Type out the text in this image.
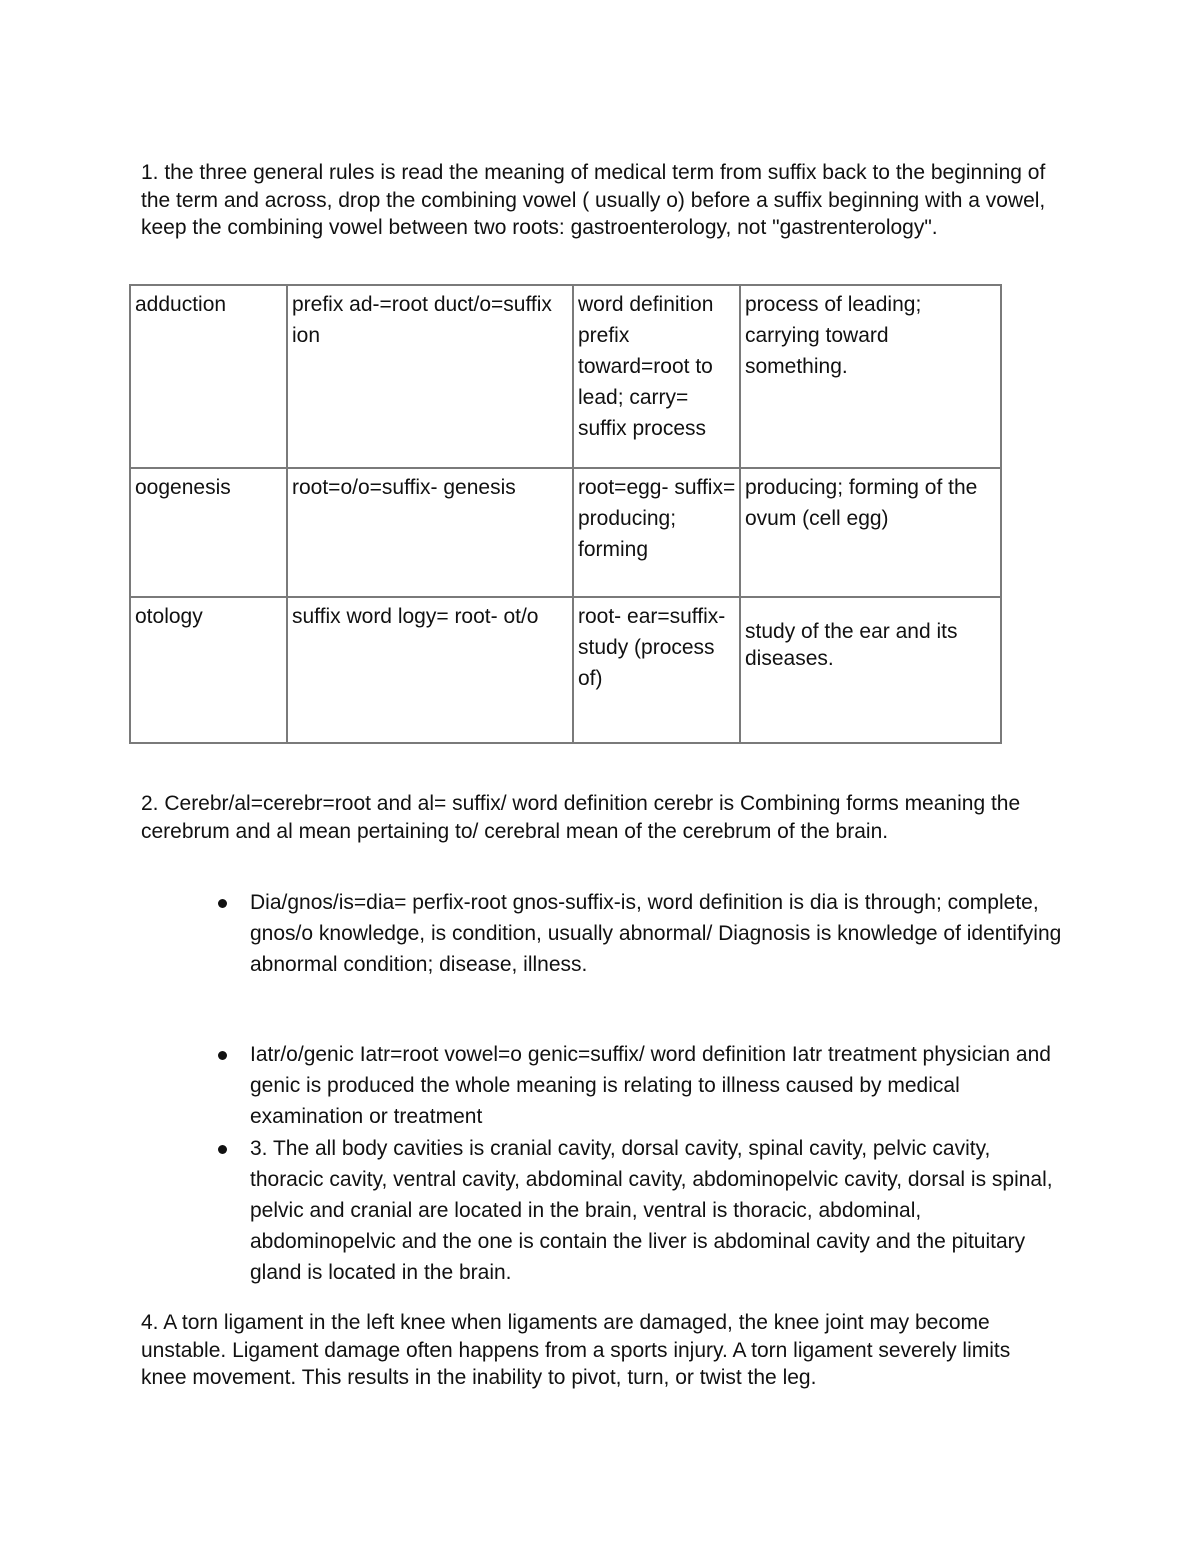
1. the three general rules is read the meaning of medical term from suffix back to the beginning of the term and across, drop the combining vowel ( usually o) before a suffix beginning with a vowel, keep the combining vowel between two roots: gastroenterology, not "gastrenterology".

adduction	prefix ad-=root duct/o=suffix ion	word definition prefix toward=root to lead; carry= suffix process	process of leading; carrying toward something.
oogenesis	root=o/o=suffix- genesis	root=egg- suffix= producing; forming	producing; forming of the ovum (cell egg)
otology	suffix word logy= root- ot/o	root- ear=suffix- study (process of)	study of the ear and its diseases.

2. Cerebr/al=cerebr=root and al= suffix/ word definition cerebr is Combining forms meaning the cerebrum and al mean pertaining to/ cerebral mean of the cerebrum of the brain.

Dia/gnos/is=dia= perfix-root gnos-suffix-is, word definition is dia is through; complete, gnos/o knowledge, is condition, usually abnormal/ Diagnosis is knowledge of identifying abnormal condition; disease, illness.
Iatr/o/genic Iatr=root vowel=o genic=suffix/ word definition Iatr treatment physician and genic is produced the whole meaning is relating to illness caused by medical examination or treatment
3. The all body cavities is cranial cavity, dorsal cavity, spinal cavity, pelvic cavity, thoracic cavity, ventral cavity, abdominal cavity, abdominopelvic cavity, dorsal is spinal, pelvic and cranial are located in the brain, ventral is thoracic, abdominal, abdominopelvic and the one is contain the liver is abdominal cavity and the pituitary gland is located in the brain.

4. A torn ligament in the left knee when ligaments are damaged, the knee joint may become unstable. Ligament damage often happens from a sports injury. A torn ligament severely limits knee movement. This results in the inability to pivot, turn, or twist the leg.
